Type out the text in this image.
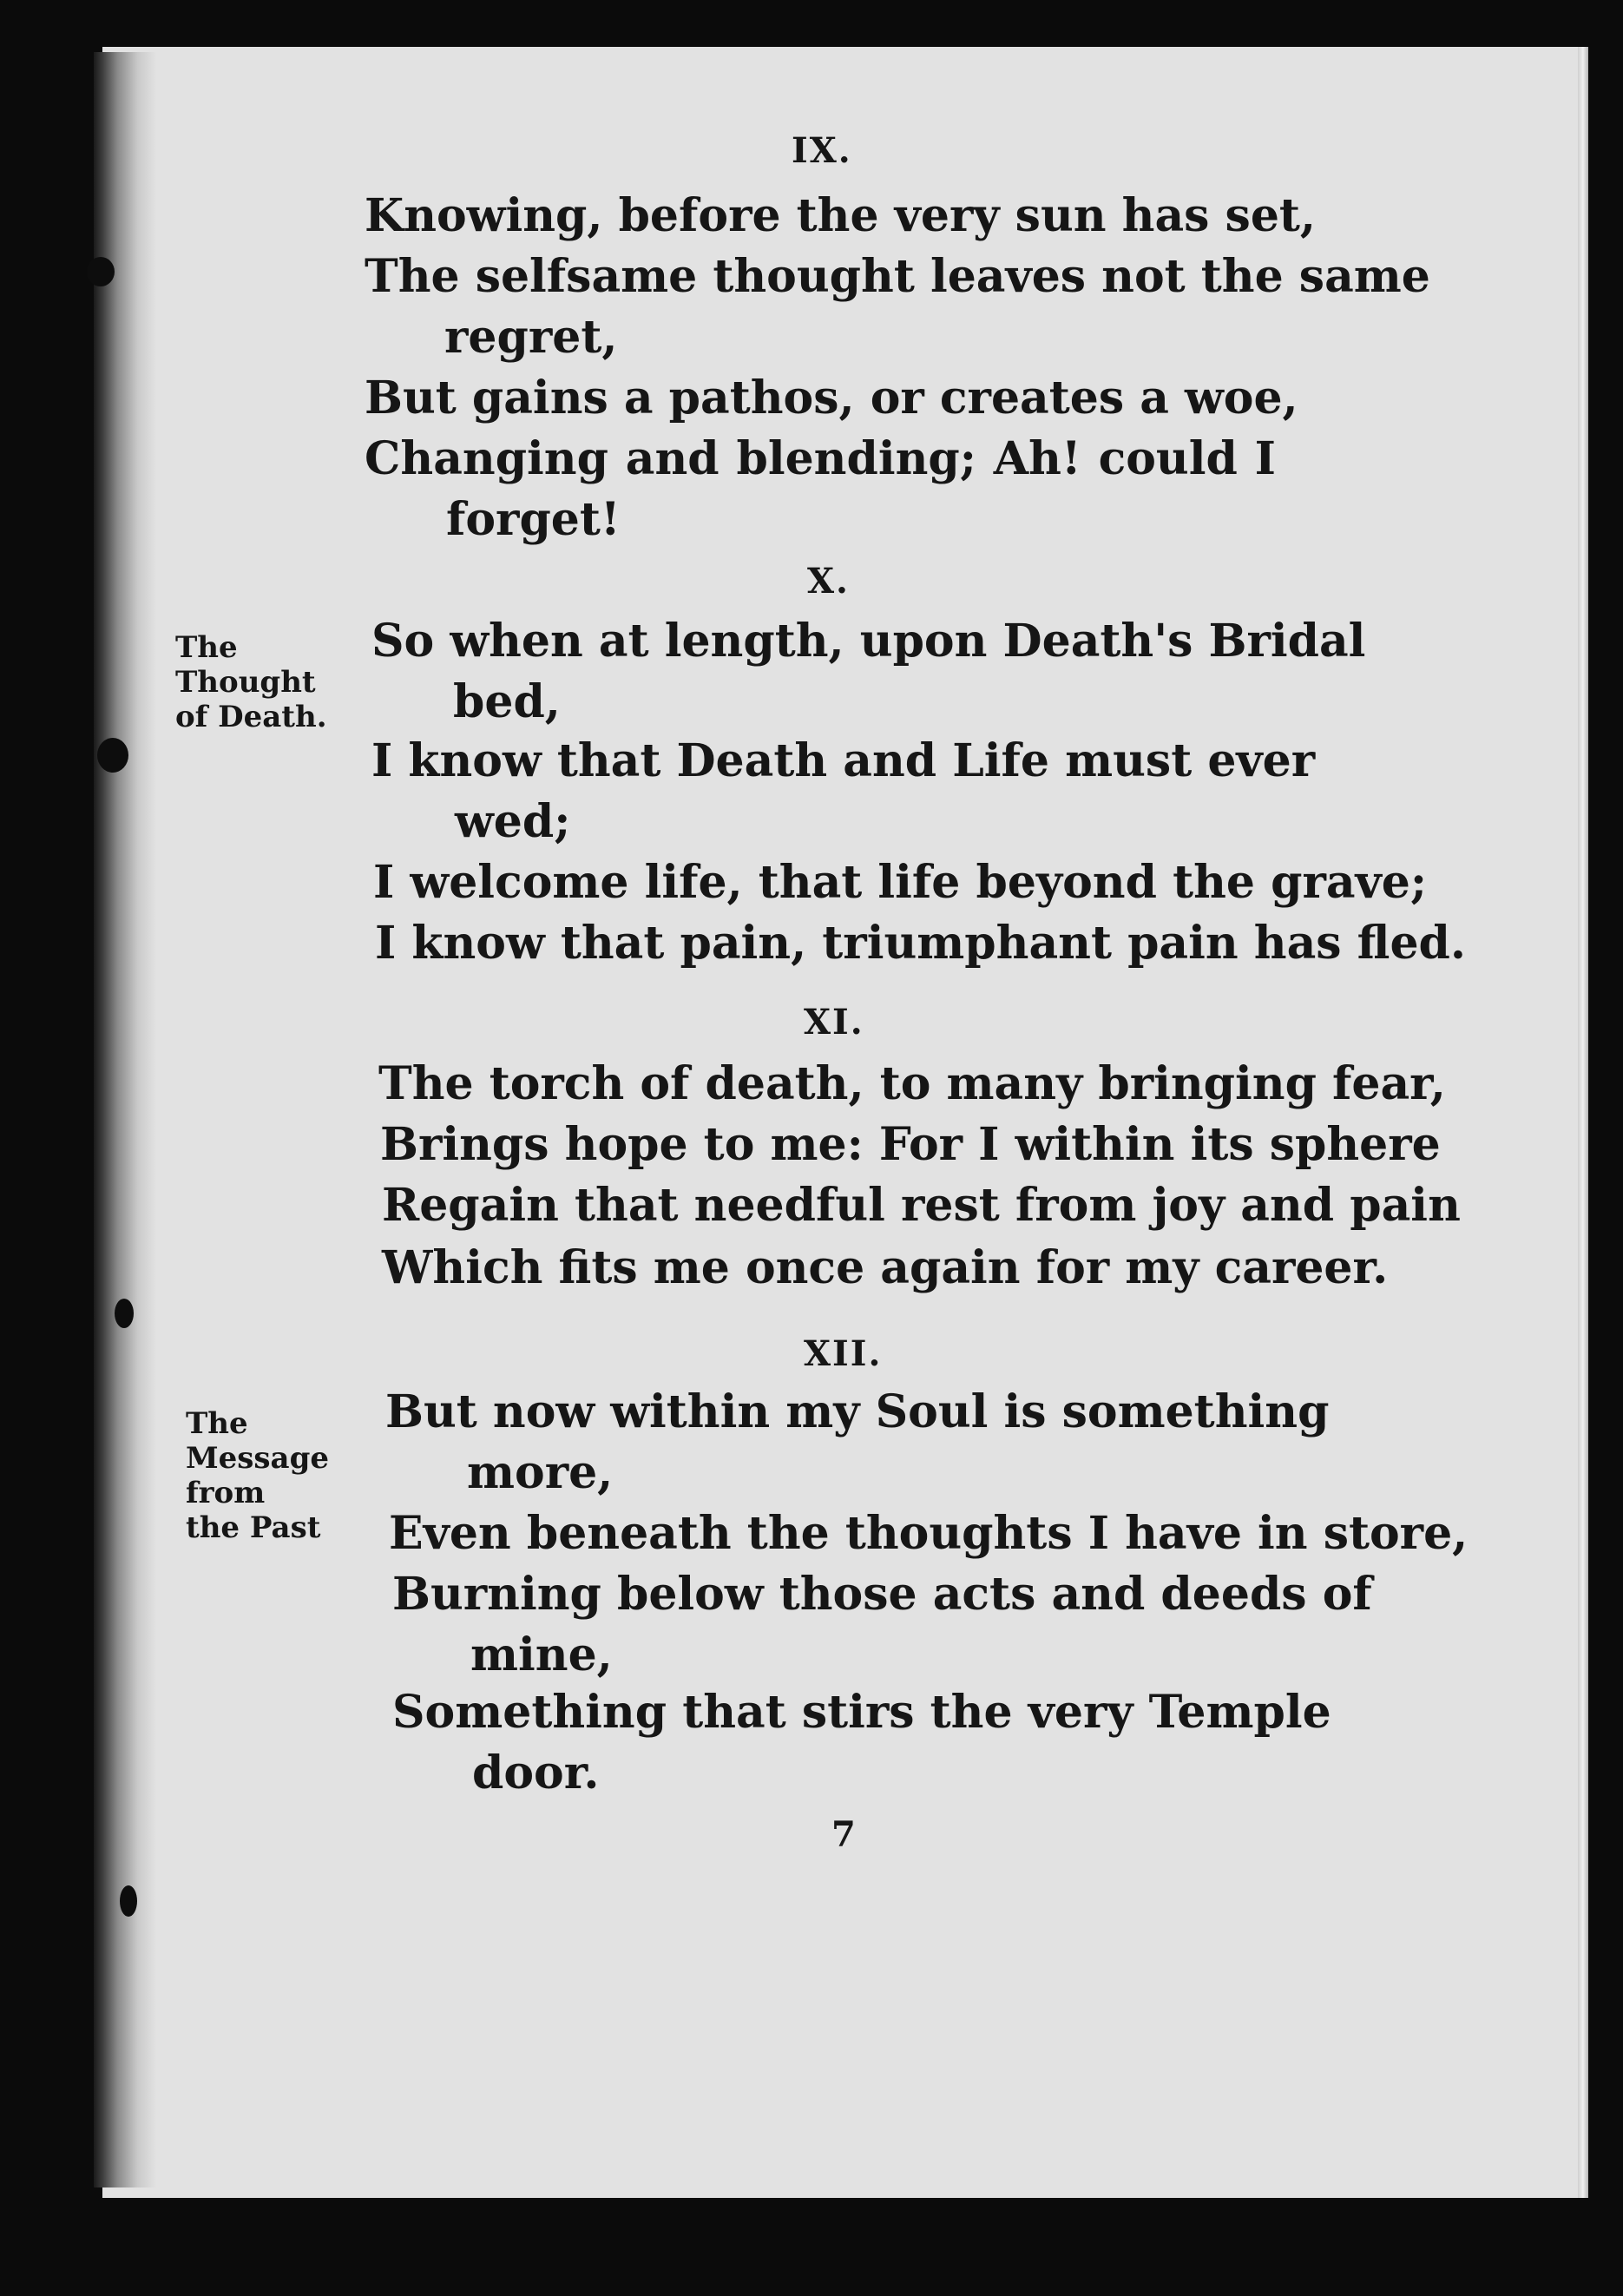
IX.
Knowing, before the very sun has set,
The selfsame thought leaves not the same
regret,
But gains a pathos, or creates a woe,
Changing and blending; Ah! could I
forget!
X.
The
Thought
of Death.
So when at length, upon Death's Bridal
bed,
I know that Death and Life must ever
wed;
I welcome life, that life beyond the grave;
I know that pain, triumphant pain has fled.
XI.
The torch of death, to many bringing fear,
Brings hope to me: For I within its sphere
Regain that needful rest from joy and pain
Which fits me once again for my career.
XII.
The
Message
from
the Past
But now within my Soul is something
more,
Even beneath the thoughts I have in store,
Burning below those acts and deeds of
mine,
Something that stirs the very Temple
door.
7
